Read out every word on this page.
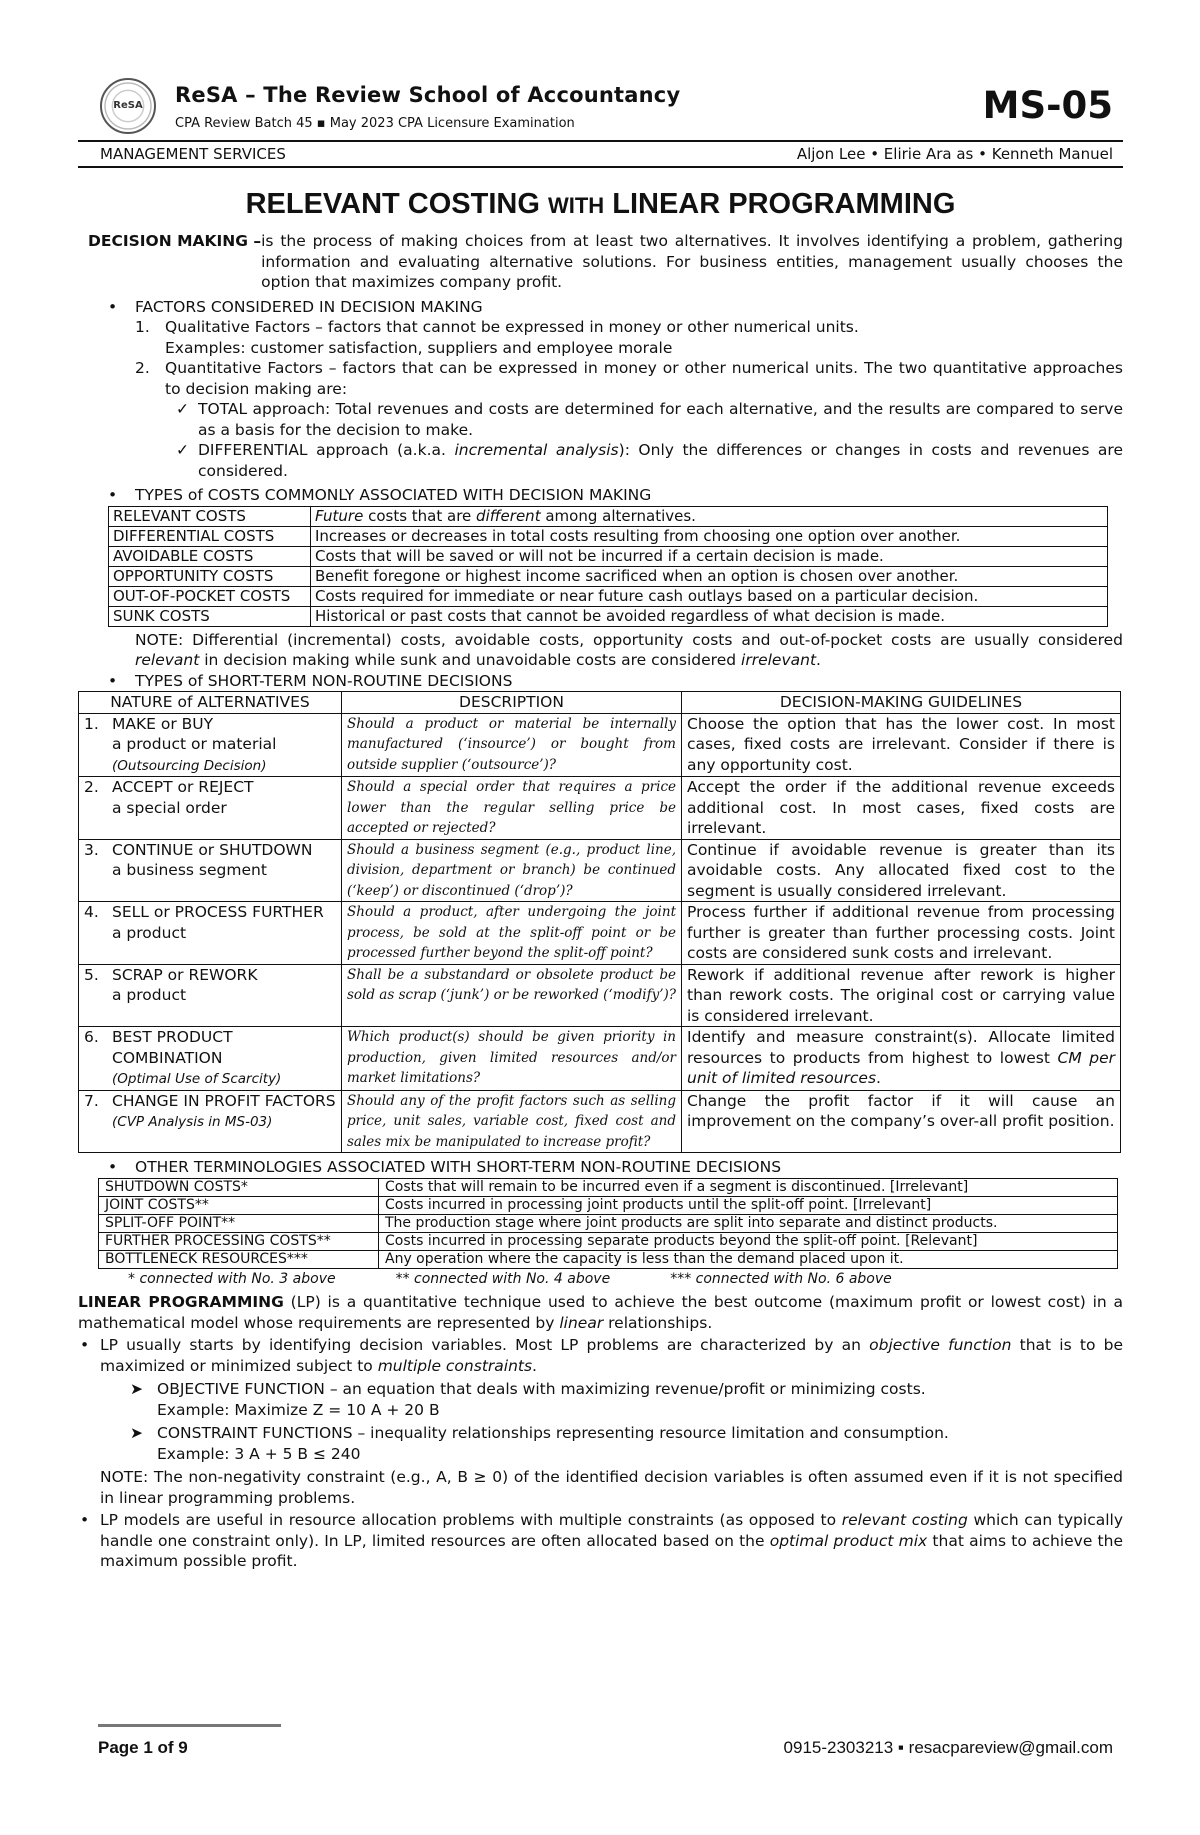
ReSA	ReSA – The Review School of Accountancy
CPA Review Batch 45 ▪ May 2023 CPA Licensure Examination	MS-05
MANAGEMENT SERVICES	Aljon Lee • Elirie Ara as • Kenneth Manuel
RELEVANT COSTING WITH LINEAR PROGRAMMING
DECISION MAKING – is the process of making choices from at least two alternatives. It involves identifying a problem, gathering information and evaluating alternative solutions. For business entities, management usually chooses the option that maximizes company profit.
• FACTORS CONSIDERED IN DECISION MAKING
1. Qualitative Factors – factors that cannot be expressed in money or other numerical units.
Examples: customer satisfaction, suppliers and employee morale
2. Quantitative Factors – factors that can be expressed in money or other numerical units. The two quantitative approaches to decision making are:
✓ TOTAL approach: Total revenues and costs are determined for each alternative, and the results are compared to serve as a basis for the decision to make.
✓ DIFFERENTIAL approach (a.k.a. incremental analysis): Only the differences or changes in costs and revenues are considered.
• TYPES of COSTS COMMONLY ASSOCIATED WITH DECISION MAKING
RELEVANT COSTS	Future costs that are different among alternatives.
DIFFERENTIAL COSTS	Increases or decreases in total costs resulting from choosing one option over another.
AVOIDABLE COSTS	Costs that will be saved or will not be incurred if a certain decision is made.
OPPORTUNITY COSTS	Benefit foregone or highest income sacrificed when an option is chosen over another.
OUT-OF-POCKET COSTS	Costs required for immediate or near future cash outlays based on a particular decision.
SUNK COSTS	Historical or past costs that cannot be avoided regardless of what decision is made.
NOTE: Differential (incremental) costs, avoidable costs, opportunity costs and out-of-pocket costs are usually considered relevant in decision making while sunk and unavoidable costs are considered irrelevant.
• TYPES of SHORT-TERM NON-ROUTINE DECISIONS
NATURE of ALTERNATIVES	DESCRIPTION	DECISION-MAKING GUIDELINES

1. MAKE or BUY
a product or material
(Outsourcing Decision)	Should a product or material be internally manufactured (‘insource’) or bought from outside supplier (‘outsource’)?	Choose the option that has the lower cost. In most cases, fixed costs are irrelevant. Consider if there is any opportunity cost.

2. ACCEPT or REJECT
a special order	Should a special order that requires a price lower than the regular selling price be accepted or rejected?	Accept the order if the additional revenue exceeds additional cost. In most cases, fixed costs are irrelevant.

3. CONTINUE or SHUTDOWN
a business segment	Should a business segment (e.g., product line, division, department or branch) be continued (‘keep’) or discontinued (‘drop’)?	Continue if avoidable revenue is greater than its avoidable costs. Any allocated fixed cost to the segment is usually considered irrelevant.

4. SELL or PROCESS FURTHER
a product	Should a product, after undergoing the joint process, be sold at the split-off point or be processed further beyond the split-off point?	Process further if additional revenue from processing further is greater than further processing costs. Joint costs are considered sunk costs and irrelevant.

5. SCRAP or REWORK
a product	Shall be a substandard or obsolete product be sold as scrap (‘junk’) or be reworked (‘modify’)?	Rework if additional revenue after rework is higher than rework costs. The original cost or carrying value is considered irrelevant.

6. BEST PRODUCT COMBINATION
(Optimal Use of Scarcity)	Which product(s) should be given priority in production, given limited resources and/or market limitations?	Identify and measure constraint(s). Allocate limited resources to products from highest to lowest CM per unit of limited resources.

7. CHANGE IN PROFIT FACTORS
(CVP Analysis in MS-03)	Should any of the profit factors such as selling price, unit sales, variable cost, fixed cost and sales mix be manipulated to increase profit?	Change the profit factor if it will cause an improvement on the company’s over-all profit position.
• OTHER TERMINOLOGIES ASSOCIATED WITH SHORT-TERM NON-ROUTINE DECISIONS
SHUTDOWN COSTS*	Costs that will remain to be incurred even if a segment is discontinued. [Irrelevant]
JOINT COSTS**	Costs incurred in processing joint products until the split-off point. [Irrelevant]
SPLIT-OFF POINT**	The production stage where joint products are split into separate and distinct products.
FURTHER PROCESSING COSTS**	Costs incurred in processing separate products beyond the split-off point. [Relevant]
BOTTLENECK RESOURCES***	Any operation where the capacity is less than the demand placed upon it.
* connected with No. 3 above	** connected with No. 4 above	*** connected with No. 6 above
LINEAR PROGRAMMING (LP) is a quantitative technique used to achieve the best outcome (maximum profit or lowest cost) in a mathematical model whose requirements are represented by linear relationships.
• LP usually starts by identifying decision variables. Most LP problems are characterized by an objective function that is to be maximized or minimized subject to multiple constraints.
➤ OBJECTIVE FUNCTION – an equation that deals with maximizing revenue/profit or minimizing costs.
Example: Maximize Z = 10 A + 20 B
➤ CONSTRAINT FUNCTIONS – inequality relationships representing resource limitation and consumption.
Example: 3 A + 5 B ≤ 240
NOTE: The non-negativity constraint (e.g., A, B ≥ 0) of the identified decision variables is often assumed even if it is not specified in linear programming problems.
• LP models are useful in resource allocation problems with multiple constraints (as opposed to relevant costing which can typically handle one constraint only). In LP, limited resources are often allocated based on the optimal product mix that aims to achieve the maximum possible profit.
Page 1 of 9	0915-2303213 ▪ resacpareview@gmail.com
